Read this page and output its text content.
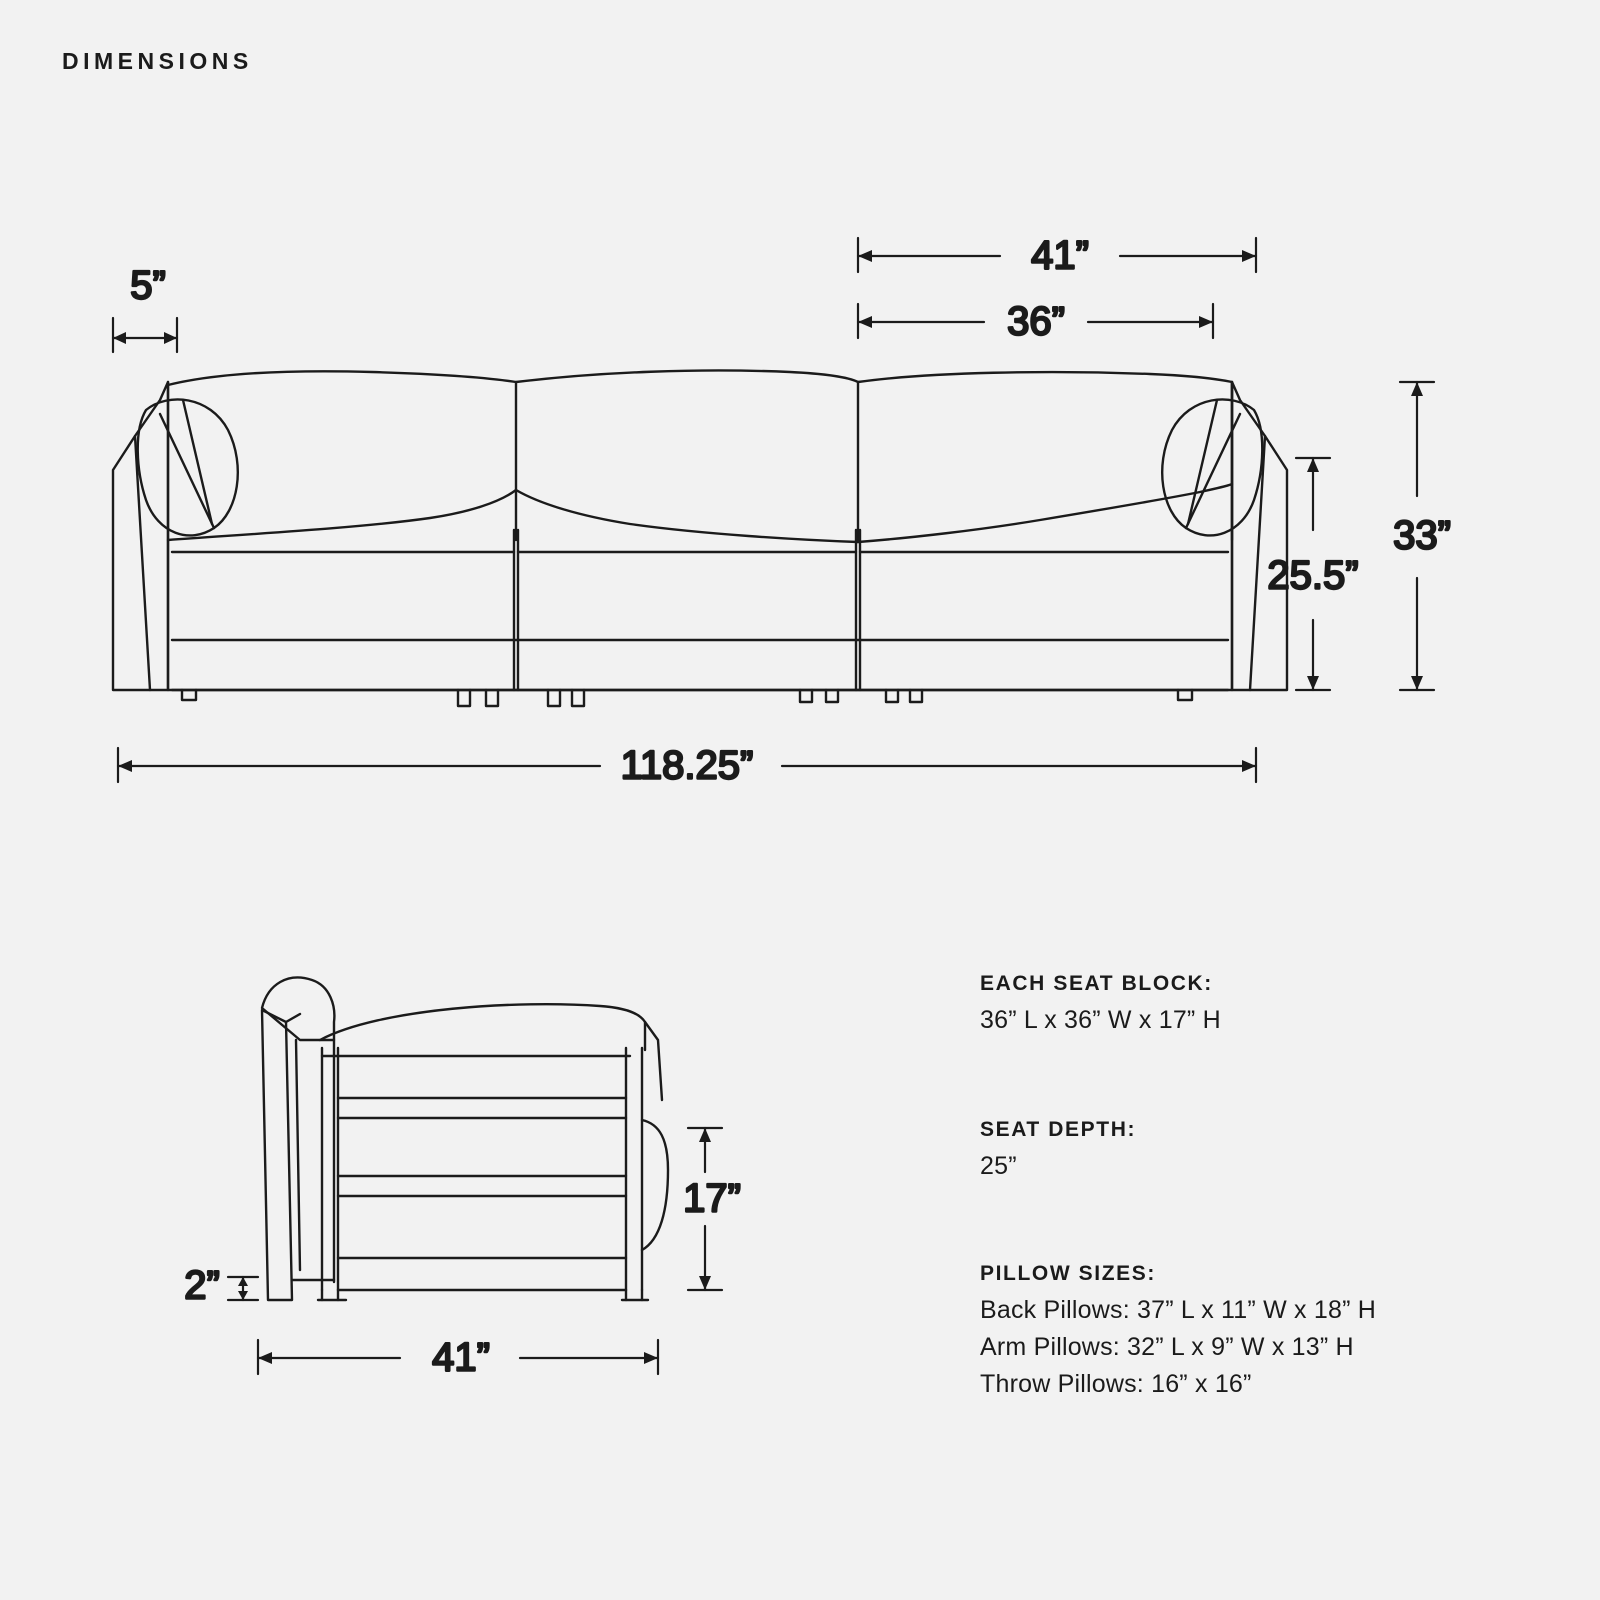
DIMENSIONS
5”
41”
36”
25.5”
33”
118.25”
17”
2”
41”

EACH SEAT BLOCK:

36” L x 36” W x 17” H

SEAT DEPTH:

25”

PILLOW SIZES:

Back Pillows: 37” L x 11” W x 18” H

Arm Pillows: 32” L x 9” W x 13” H

Throw Pillows: 16” x 16”
